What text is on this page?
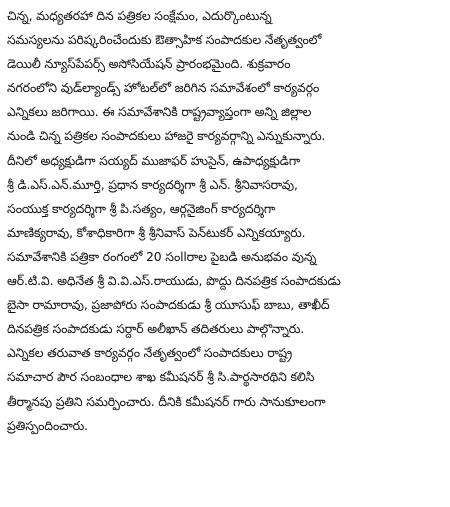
చిన్న, మధ్యతరహా దిన పత్రికల సంక్షేమం, ఎదుర్కొంటున్న
సమస్యలను పరిష్కరించేందుకు ఔత్సాహిక సంపాదకుల నేతృత్వంలో
డెయిలీ న్యూస్‌పేపర్స్ అసోసియేషన్ ప్రారంభమైంది. శుక్రవారం
నగరంలోని వుడ్‌ల్యాండ్స్ హోటల్‌లో జరిగిన సమావేశంలో కార్యవర్గం
ఎన్నికలు జరిగాయి. ఈ సమావేశానికి రాష్ట్రవ్యాప్తంగా అన్ని జిల్లాల
నుండి చిన్న పత్రికల సంపాదకులు హాజరై కార్యవర్గాన్ని ఎన్నుకున్నారు.
దీనిలో అధ్యక్షుడిగా సయ్యద్ ముజాఫర్ హుసైన్, ఉపాధ్యక్షుడిగా
శ్రీ డి.ఎస్.ఎన్.మూర్తి, ప్రధాన కార్యదర్శిగా శ్రీ ఎన్. శ్రీనివాసరావు,
సంయుక్త కార్యదర్శిగా శ్రీ పి.సత్యం, ఆర్గనైజింగ్ కార్యదర్శిగా
మాణిక్యరావు, కోశాధికారిగా శ్రీ శ్రీనివాస్ పెన్‌టుకర్ ఎన్నికయ్యారు.
సమావేశానికి పత్రికా రంగంలో 20 సంll‌రాల పైబడి అనుభవం వున్న
ఆర్.టి.వి. అధినేత శ్రీ వి.వి.ఎస్.రాయుడు, పొద్దు దినపత్రిక సంపాదకుడు
బైసా రామారావు, ప్రజాపోరు సంపాదకుడు శ్రీ యూసుఫ్ బాబు, తాఖీద్
దినపత్రిక సంపాదకుడు సర్దార్ అలీఖాన్ తదితరులు పాల్గొన్నారు.
ఎన్నికల తరువాత కార్యవర్గం నేతృత్వంలో సంపాదకులు రాష్ట్ర
సమాచార పౌర సంబంధాల శాఖ కమీషనర్ శ్రీ సి.పార్థసారథిని కలిసి
తీర్మానపు ప్రతిని సమర్పించారు. దీనికి కమీషనర్ గారు సానుకూలంగా
ప్రతిస్పందించారు.
